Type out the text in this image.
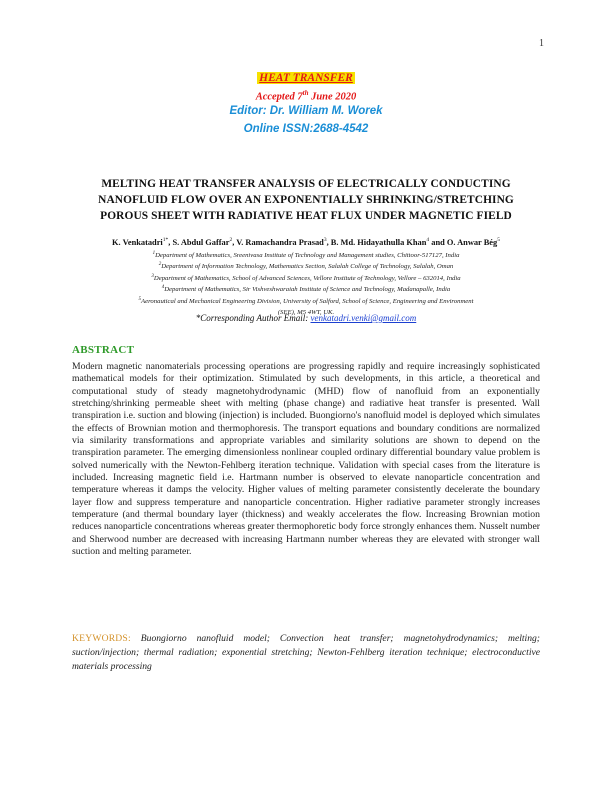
1
HEAT TRANSFER
Accepted 7th June 2020
Editor: Dr. William M. Worek
Online ISSN:2688-4542
MELTING HEAT TRANSFER ANALYSIS OF ELECTRICALLY CONDUCTING
NANOFLUID FLOW OVER AN EXPONENTIALLY SHRINKING/STRETCHING
POROUS SHEET WITH RADIATIVE HEAT FLUX UNDER MAGNETIC FIELD
K. Venkatadri$^{1*}$, S. Abdul Gaffar$^2$, V. Ramachandra Prasad$^3$, B. Md. Hidayathulla Khan$^4$ and O. Anwar Bég$^5$
$^1$Department of Mathematics, Sreenivasa Institute of Technology and Management studies, Chittoor-517127, India
$^2$Department of Information Technology, Mathematics Section, Salalah College of Technology, Salalah, Oman
$^3$Department of Mathematics, School of Advanced Sciences, Vellore Institute of Technology, Vellore – 632014, India
$^4$Department of Mathematics, Sir Vishveshwaraiah Institute of Science and Technology, Madanapalle, India
$^5$Aeronautical and Mechanical Engineering Division, University of Salford, School of Science, Engineering and Environment
(SEE), M5 4WT, UK.
*Corresponding Author Email: venkatadri.venki@gmail.com
ABSTRACT
Modern magnetic nanomaterials processing operations are progressing rapidly and require increasingly sophisticated mathematical models for their optimization. Stimulated by such developments, in this article, a theoretical and computational study of steady magnetohydrodynamic (MHD) flow of nanofluid from an exponentially stretching/shrinking permeable sheet with melting (phase change) and radiative heat transfer is presented. Wall transpiration i.e. suction and blowing (injection) is included. Buongiorno's nanofluid model is deployed which simulates the effects of Brownian motion and thermophoresis. The transport equations and boundary conditions are normalized via similarity transformations and appropriate variables and similarity solutions are shown to depend on the transpiration parameter. The emerging dimensionless nonlinear coupled ordinary differential boundary value problem is solved numerically with the Newton-Fehlberg iteration technique. Validation with special cases from the literature is included. Increasing magnetic field i.e. Hartmann number is observed to elevate nanoparticle concentration and temperature whereas it damps the velocity. Higher values of melting parameter consistently decelerate the boundary layer flow and suppress temperature and nanoparticle concentration. Higher radiative parameter strongly increases temperature (and thermal boundary layer (thickness) and weakly accelerates the flow. Increasing Brownian motion reduces nanoparticle concentrations whereas greater thermophoretic body force strongly enhances them. Nusselt number and Sherwood number are decreased with increasing Hartmann number whereas they are elevated with stronger wall suction and melting parameter.
KEYWORDS: Buongiorno nanofluid model; Convection heat transfer; magnetohydrodynamics; melting; suction/injection; thermal radiation; exponential stretching; Newton-Fehlberg iteration technique; electroconductive materials processing
